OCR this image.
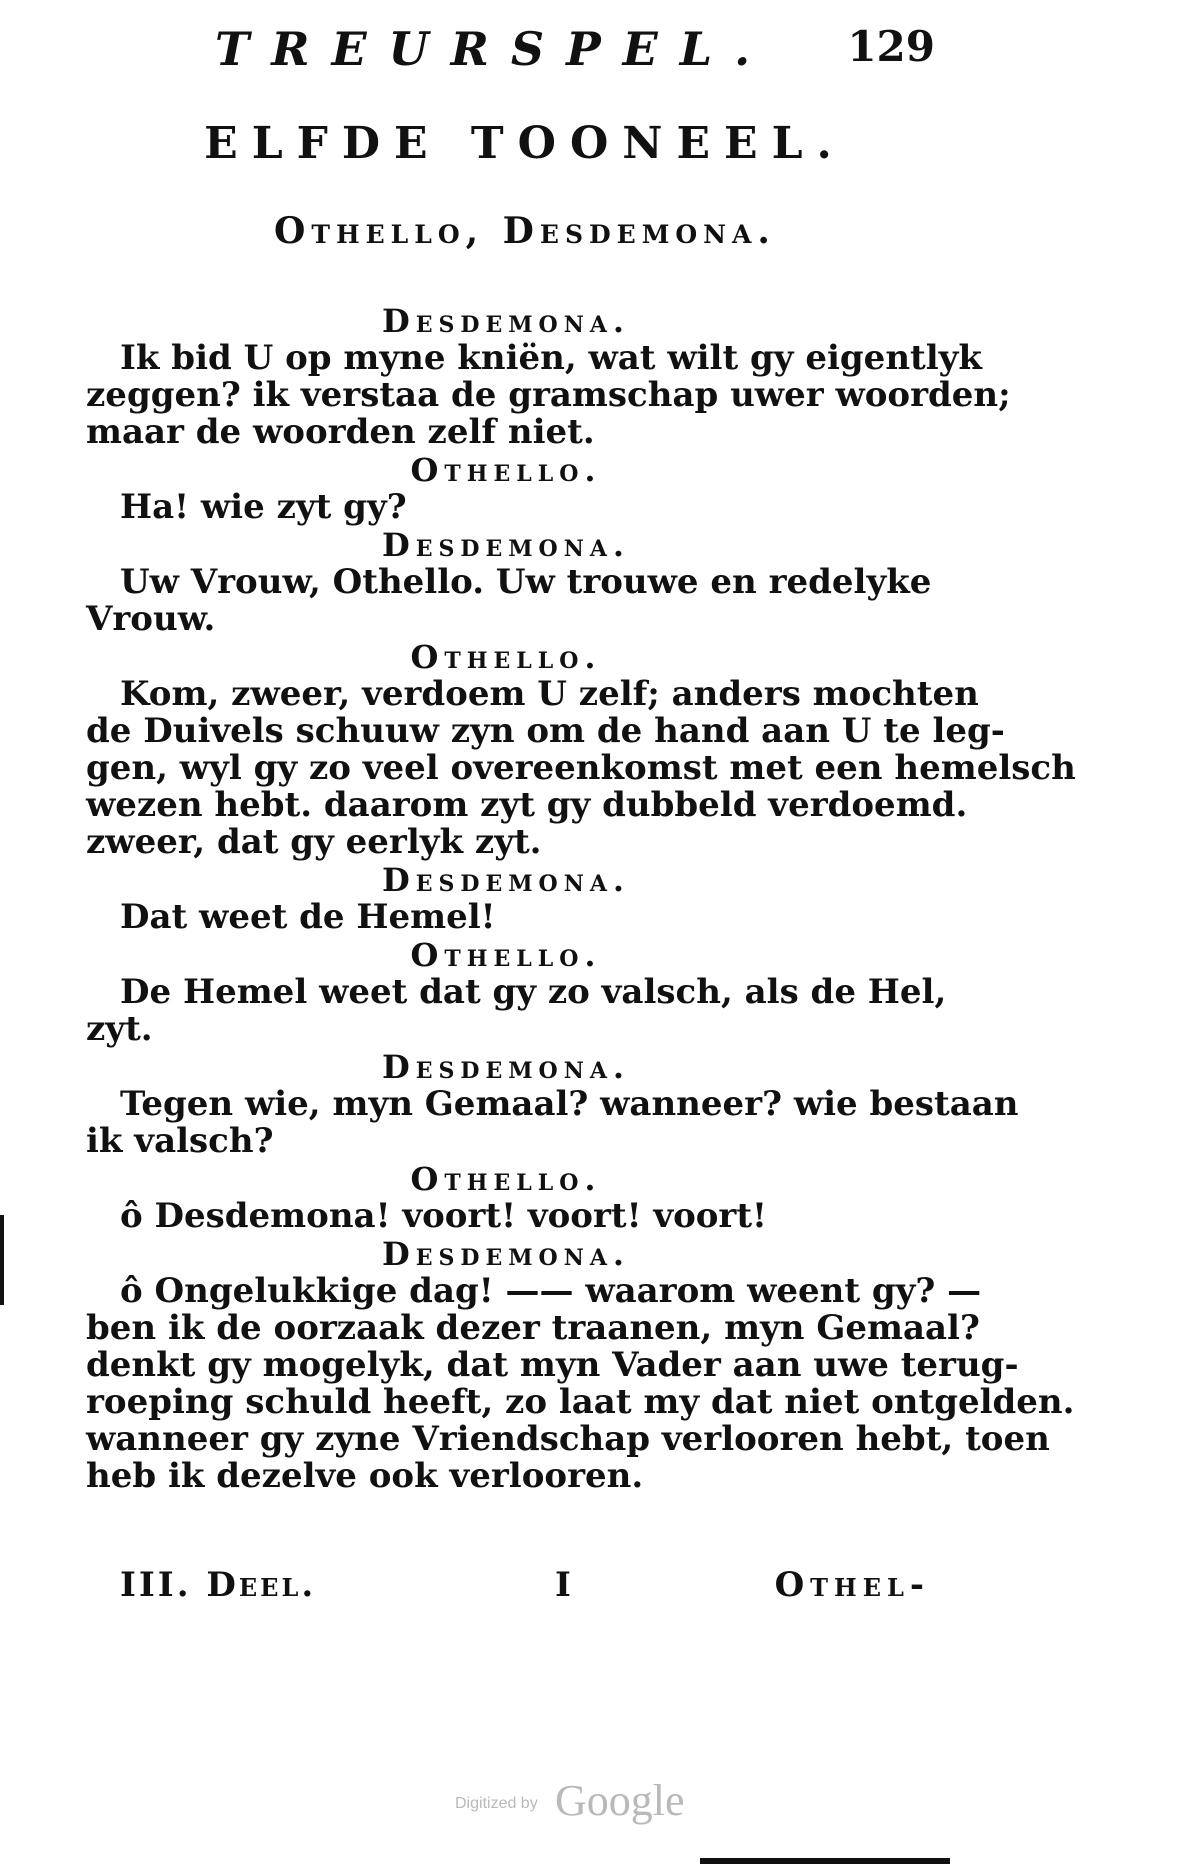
TREURSPEL. 129
ELFDE TOONEEL.
Othello, Desdemona.
Desdemona.
Ik bid U op myne kniën, wat wilt gy eigentlyk
zeggen? ik verstaa de gramschap uwer woorden;
maar de woorden zelf niet.
Othello.
Ha! wie zyt gy?
Desdemona.
Uw Vrouw, Othello. Uw trouwe en redelyke
Vrouw.
Othello.
Kom, zweer, verdoem U zelf; anders mochten
de Duivels schuuw zyn om de hand aan U te leg-
gen, wyl gy zo veel overeenkomst met een hemelsch
wezen hebt. daarom zyt gy dubbeld verdoemd.
zweer, dat gy eerlyk zyt.
Desdemona.
Dat weet de Hemel!
Othello.
De Hemel weet dat gy zo valsch, als de Hel,
zyt.
Desdemona.
Tegen wie, myn Gemaal? wanneer? wie bestaan
ik valsch?
Othello.
ô Desdemona! voort! voort! voort!
Desdemona.
ô Ongelukkige dag! —— waarom weent gy? —
ben ik de oorzaak dezer traanen, myn Gemaal?
denkt gy mogelyk, dat myn Vader aan uwe terug-
roeping schuld heeft, zo laat my dat niet ontgelden.
wanneer gy zyne Vriendschap verlooren hebt, toen
heb ik dezelve ook verlooren.
III. Deel.	I	Othel-
Digitized by Google
